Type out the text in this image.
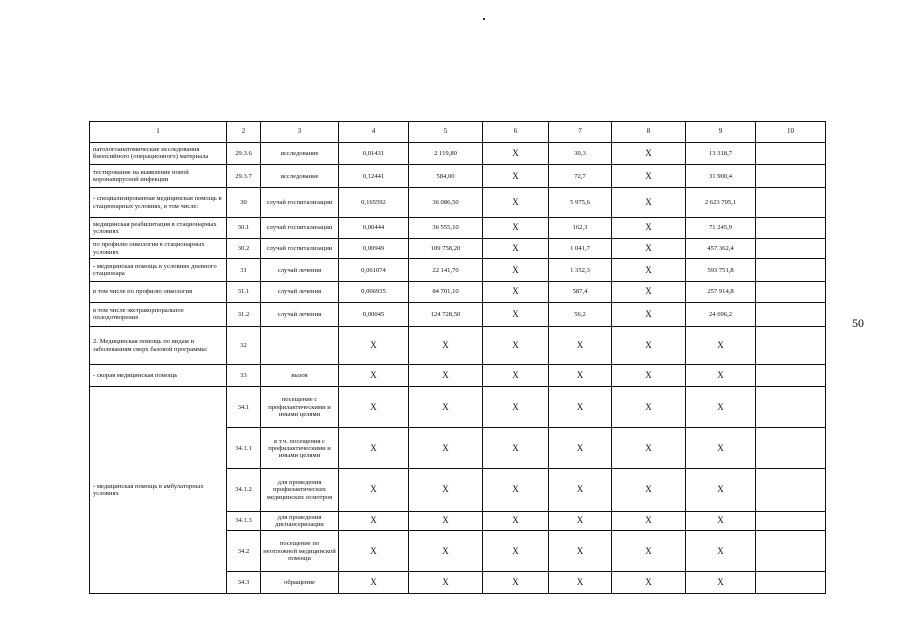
1	2	3	4	5	6	7	8	9	10
патологоанатомические исследования биопсийного (операционного) материала	29.3.6	исследование	0,01431	2 119,80	X	30,3	X	13 318,7	
тестирование на выявление новой коронавирусной инфекции	29.3.7	исследование	0,12441	584,00	X	72,7	X	31 900,4	
- специализированная медицинская помощь в стационарных условиях, в том числе:	30	случай госпитализации	0,165592	36 086,50	X	5 975,6	X	2 623 705,1	
медицинская реабилитация в стационарных условиях	30.1	случай госпитализации	0,00444	36 555,10	X	162,3	X	71 245,9	
по профилю онкология в стационарных условиях	30.2	случай госпитализации	0,00949	109 758,20	X	1 041,7	X	457 362,4	
- медицинская помощь в условиях дневного стационара	31	случай лечения	0,061074	22 141,70	X	1 352,3	X	593 751,8	
в том числе по профилю онкология	31.1	случай лечения	0,006935	84 701,10	X	587,4	X	257 914,8	
в том числе экстракорпоральное оплодотворение	31.2	случай лечения	0,00045	124 728,50	X	56,2	X	24 696,2	
2. Медицинская помощь по видам и заболеваниям сверх базовой программы:	32		X	X	X	X	X	X	
- скорая медицинская помощь	33	вызов	X	X	X	X	X	X	
- медицинская помощь в амбулаторных условиях	34.1	посещение с профилактическими и иными целями	X	X	X	X	X	X	
	34.1.1	в т.ч. посещения с профилактическими и иными целями	X	X	X	X	X	X	
	34.1.2	для проведения профилактических медицинских осмотров	X	X	X	X	X	X	
	34.1.3	для проведения диспансеризации	X	X	X	X	X	X	
	34.2	посещение по неотложной медицинской помощи	X	X	X	X	X	X	
	34.3	обращение	X	X	X	X	X	X	
50
